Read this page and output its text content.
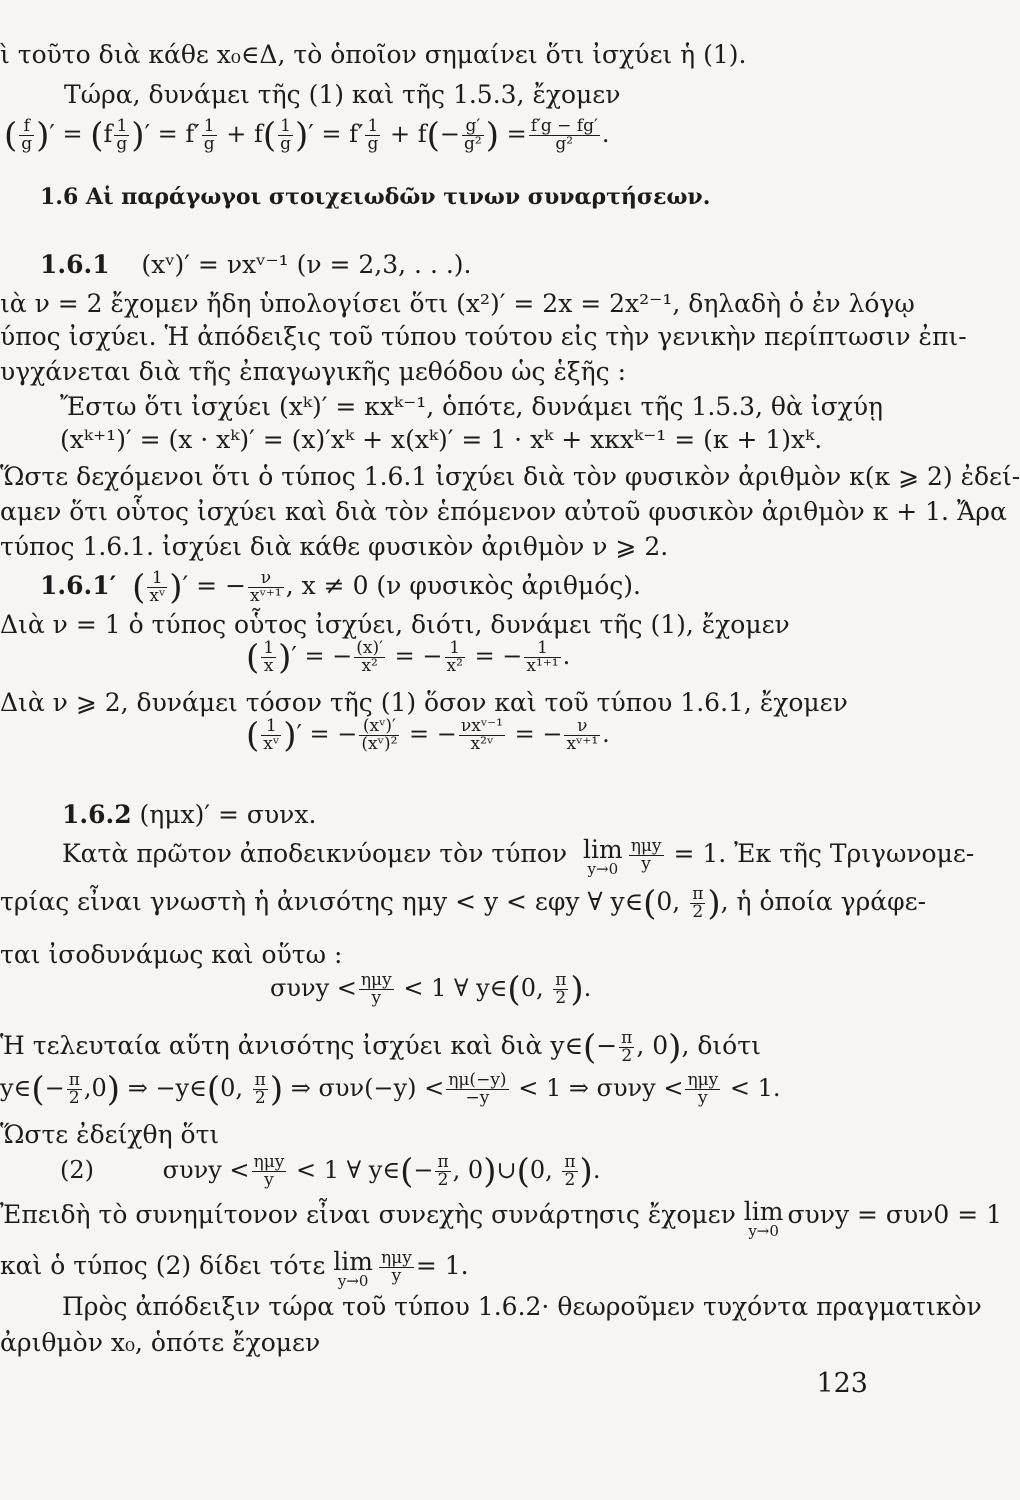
ὶ τοῦτο διὰ κάθε x₀∈Δ, τὸ ὁποῖον σημαίνει ὅτι ἰσχύει ἡ (1).
Τώρα, δυνάμει τῆς (1) καὶ τῆς 1.5.3, ἔχομεν
( $\frac{f}{g}$ )′ = ($f \frac{1}{g}$ )′ = $f' \frac{1}{g} + f( \frac{1}{g}$ )′ = $f' \frac{1}{g} + f(- \frac{g'}{\text{g²}}$ ) = $\frac{f'g - fg'}{\text{g²}}$ .
1.6 Αἱ παράγωγοι στοιχειωδῶν τινων συναρτήσεων.
1.6.1 (xᵛ)′ = νxᵛ⁻¹ (ν = 2,3, . . .).
ιὰ ν = 2 ἔχομεν ἤδη ὑπολογίσει ὅτι (x²)′ = 2x = 2x²⁻¹, δηλαδὴ ὁ ἐν λόγῳ
ύπος ἰσχύει. Ἡ ἀπόδειξις τοῦ τύπου τούτου εἰς τὴν γενικὴν περίπτωσιν ἐπι-
υγχάνεται διὰ τῆς ἐπαγωγικῆς μεθόδου ὡς ἑξῆς :
Ἔστω ὅτι ἰσχύει (xᵏ)′ = κxᵏ⁻¹, ὁπότε, δυνάμει τῆς 1.5.3, θὰ ἰσχύῃ
(xᵏ⁺¹)′ = (x · xᵏ)′ = (x)′xᵏ + x(xᵏ)′ = 1 · xᵏ + xκxᵏ⁻¹ = (κ + 1)xᵏ.
Ὥστε δεχόμενοι ὅτι ὁ τύπος 1.6.1 ἰσχύει διὰ τὸν φυσικὸν ἀριθμὸν κ(κ ⩾ 2) ἐδεί-
αμεν ὅτι οὗτος ἰσχύει καὶ διὰ τὸν ἑπόμενον αὐτοῦ φυσικὸν ἀριθμὸν κ + 1. Ἄρα
τύπος 1.6.1. ἰσχύει διὰ κάθε φυσικὸν ἀριθμὸν ν ⩾ 2.
1.6.1′ ( $\frac{1}{\text{xᵛ}}$ )′ = − $\frac{\nu}{\text{xᵛ⁺¹}}$ , x ≠ 0 (ν φυσικὸς ἀριθμός).
Διὰ ν = 1 ὁ τύπος οὗτος ἰσχύει, διότι, δυνάμει τῆς (1), ἔχομεν
( $\frac{1}{x}$ )′ = − $\frac{(x)'}{\text{x²}}$ = − $\frac{1}{\text{x²}}$ = − $\frac{1}{\text{x¹⁺¹}}$ .
Διὰ ν ⩾ 2, δυνάμει τόσον τῆς (1) ὅσον καὶ τοῦ τύπου 1.6.1, ἔχομεν
( $\frac{1}{\text{xᵛ}}$ )′ = − $\frac{\text{(xᵛ)′}}{\text{(xᵛ)²}}$ = − $\frac{\text{νxᵛ⁻¹}}{\text{x²ᵛ}}$ = − $\frac{\nu}{\text{xᵛ⁺¹}}$ .
1.6.2 (ημx)′ = συνx.
Κατὰ πρῶτον ἀποδεικνύομεν τὸν τύπον lim
$y\to 0 \frac{\text{ημy}}{y} = 1$. Ἐκ τῆς Τριγωνομε-
τρίας εἶναι γνωστὴ ἡ ἀνισότης ημy < y < εφy ∀ y∈(0, $\frac{\pi}{2}$ ), ἡ ὁποία γράφε-
ται ἰσοδυνάμως καὶ οὕτω :
$\sigma\upsilon\nu y < \frac{\text{ημy}}{y} < 1$ ∀ y∈(0, $\frac{\pi}{2}$ ).
Ἡ τελευταία αὕτη ἀνισότης ἰσχύει καὶ διὰ y∈(− $\frac{\pi}{2}$ , 0), διότι
y∈(− $\frac{\pi}{2} ,0$) ⇒ −y∈(0, $\frac{\pi}{2}$ ) ⇒ $\sigma\upsilon\nu(-y) < \frac{\eta\mu(-y)}{-y} < 1$ ⇒ $\sigma\upsilon\nu y < \frac{\text{ημy}}{y} < 1$.
Ὥστε ἐδείχθη ὅτι
(2)	$\sigma\upsilon\nu y < \frac{\text{ημy}}{y} < 1$ ∀ y∈(− $\frac{\pi}{2}$ , 0)∪(0, $\frac{\pi}{2}$ ).
Ἐπειδὴ τὸ συνημίτονον εἶναι συνεχὴς συνάρτησις ἔχομεν lim
y→0
συνy = συν0 = 1
καὶ ὁ τύπος (2) δίδει τότε lim
$y\to 0 \frac{\text{ημy}}{y} = 1$.
Πρὸς ἀπόδειξιν τώρα τοῦ τύπου 1.6.2· θεωροῦμεν τυχόντα πραγματικὸν
ἀριθμὸν x₀, ὁπότε ἔχομεν
123
